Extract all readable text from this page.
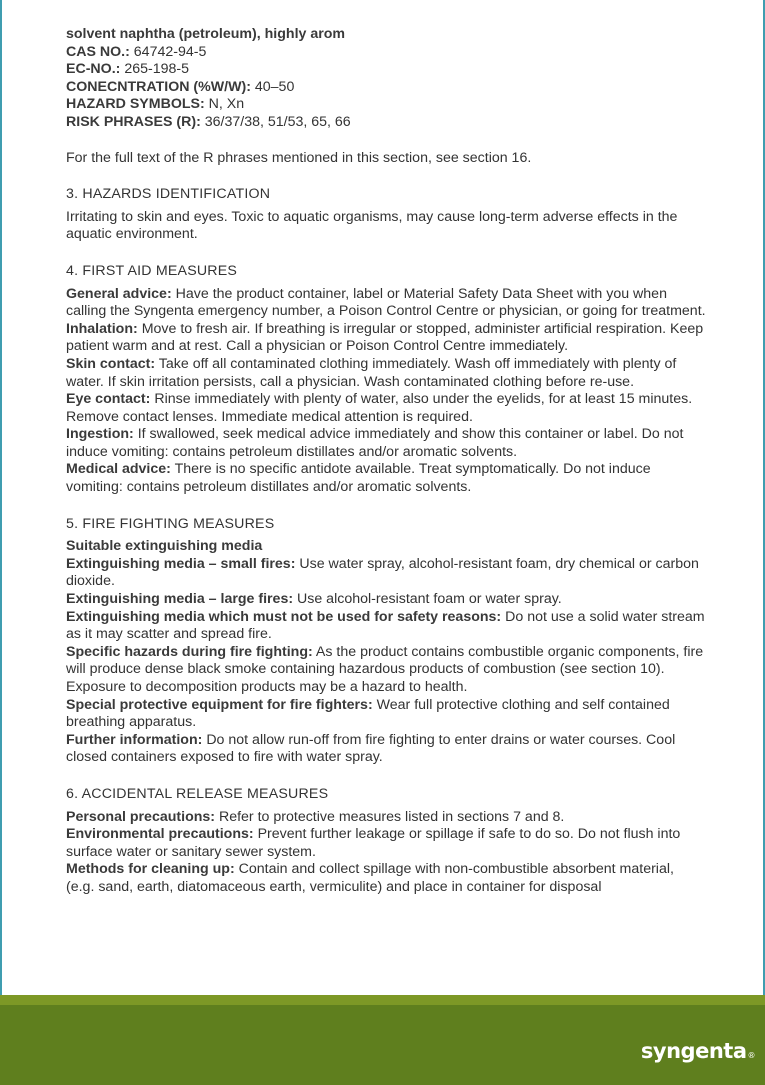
solvent naphtha (petroleum), highly arom

CAS NO.: 64742-94-5

EC-NO.: 265-198-5

CONECNTRATION (%W/W): 40–50

HAZARD SYMBOLS: N, Xn

RISK PHRASES (R): 36/37/38, 51/53, 65, 66

For the full text of the R phrases mentioned in this section, see section 16.

3. HAZARDS IDENTIFICATION

Irritating to skin and eyes. Toxic to aquatic organisms, may cause long-term adverse effects in the aquatic environment.

4. FIRST AID MEASURES

General advice: Have the product container, label or Material Safety Data Sheet with you when calling the Syngenta emergency number, a Poison Control Centre or physician, or going for treatment.

Inhalation: Move to fresh air. If breathing is irregular or stopped, administer artificial respiration. Keep patient warm and at rest. Call a physician or Poison Control Centre immediately.

Skin contact: Take off all contaminated clothing immediately. Wash off immediately with plenty of water. If skin irritation persists, call a physician. Wash contaminated clothing before re-use.

Eye contact: Rinse immediately with plenty of water, also under the eyelids, for at least 15 minutes. Remove contact lenses. Immediate medical attention is required.

Ingestion: If swallowed, seek medical advice immediately and show this container or label. Do not induce vomiting: contains petroleum distillates and/or aromatic solvents.

Medical advice: There is no specific antidote available. Treat symptomatically. Do not induce vomiting: contains petroleum distillates and/or aromatic solvents.

5. FIRE FIGHTING MEASURES

Suitable extinguishing media

Extinguishing media – small fires: Use water spray, alcohol-resistant foam, dry chemical or carbon dioxide.

Extinguishing media – large fires: Use alcohol-resistant foam or water spray.

Extinguishing media which must not be used for safety reasons: Do not use a solid water stream as it may scatter and spread fire.

Specific hazards during fire fighting: As the product contains combustible organic components, fire will produce dense black smoke containing hazardous products of combustion (see section 10). Exposure to decomposition products may be a hazard to health.

Special protective equipment for fire fighters: Wear full protective clothing and self contained breathing apparatus.

Further information: Do not allow run-off from fire fighting to enter drains or water courses. Cool closed containers exposed to fire with water spray.

6. ACCIDENTAL RELEASE MEASURES

Personal precautions: Refer to protective measures listed in sections 7 and 8.

Environmental precautions: Prevent further leakage or spillage if safe to do so. Do not flush into surface water or sanitary sewer system.

Methods for cleaning up: Contain and collect spillage with non-combustible absorbent material, (e.g. sand, earth, diatomaceous earth, vermiculite) and place in container for disposal

syngenta®
